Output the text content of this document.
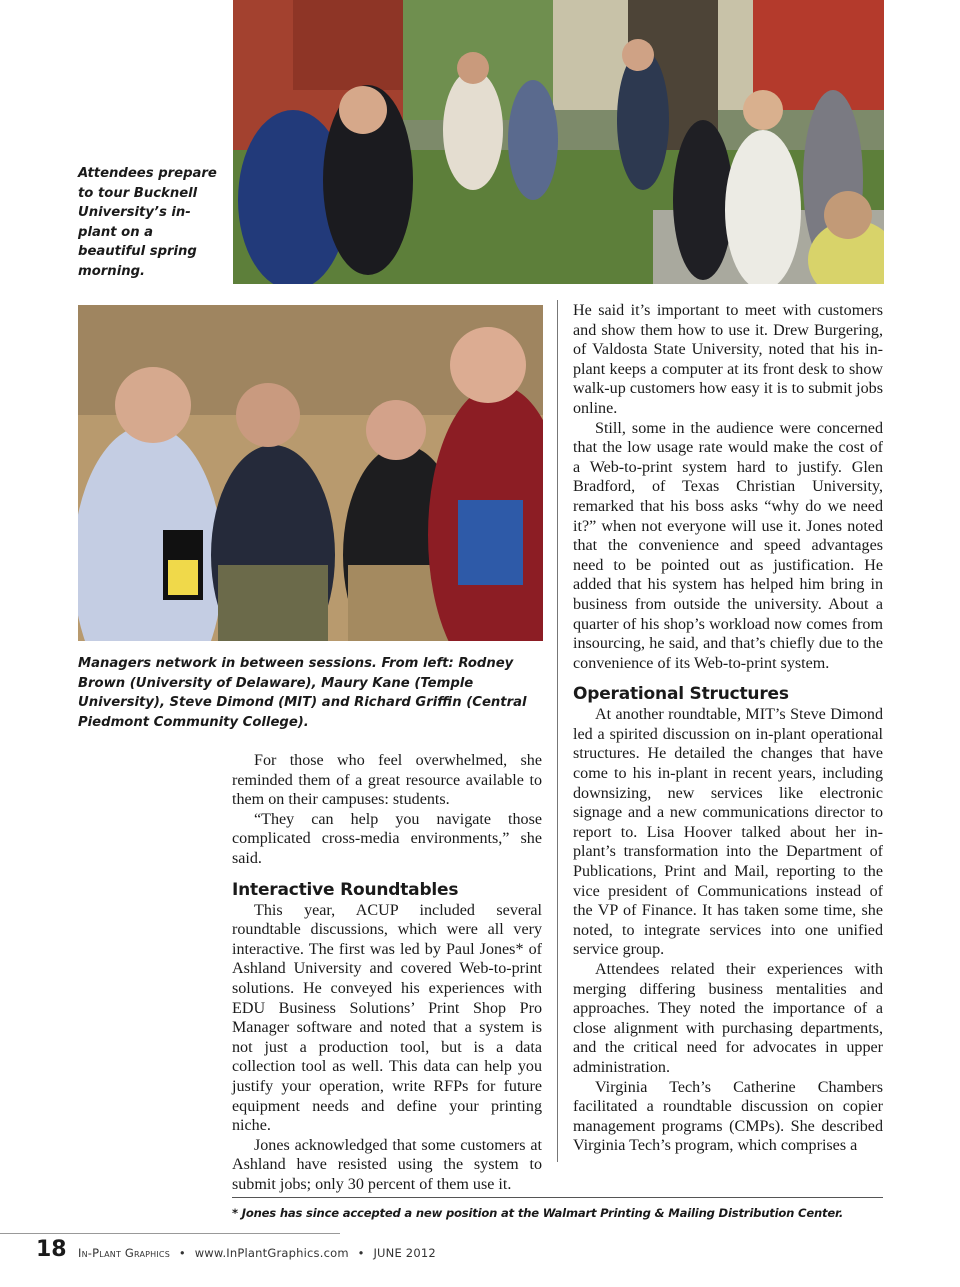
Attendees prepare to tour Bucknell University’s in-plant on a beautiful spring morning.
Managers network in between sessions. From left: Rodney Brown (University of Delaware), Maury Kane (Temple University), Steve Dimond (MIT) and Richard Griffin (Central Piedmont Community College).

For those who feel overwhelmed, she reminded them of a great resource available to them on their campuses: students.

“They can help you navigate those complicated cross-media environments,” she said.

Interactive Roundtables

This year, ACUP included several roundtable discussions, which were all very interactive. The first was led by Paul Jones* of Ashland University and covered Web-to-print solutions. He conveyed his experiences with EDU Business Solutions’ Print Shop Pro Manager software and noted that a system is not just a production tool, but is a data collection tool as well. This data can help you justify your operation, write RFPs for future equipment needs and define your printing niche.

Jones acknowledged that some customers at Ashland have resisted using the system to submit jobs; only 30 percent of them use it.

He said it’s important to meet with customers and show them how to use it. Drew Burgering, of Valdosta State University, noted that his in-plant keeps a computer at its front desk to show walk-up customers how easy it is to submit jobs online.

Still, some in the audience were concerned that the low usage rate would make the cost of a Web-to-print system hard to justify. Glen Bradford, of Texas Christian University, remarked that his boss asks “why do we need it?” when not everyone will use it. Jones noted that the convenience and speed advantages need to be pointed out as justification. He added that his system has helped him bring in business from outside the university. About a quarter of his shop’s workload now comes from insourcing, he said, and that’s chiefly due to the convenience of its Web-to-print system.

Operational Structures

At another roundtable, MIT’s Steve Dimond led a spirited discussion on in-plant operational structures. He detailed the changes that have come to his in-plant in recent years, including downsizing, new services like electronic signage and a new communications director to report to. Lisa Hoover talked about her in-plant’s transformation into the Department of Publications, Print and Mail, reporting to the vice president of Communications instead of the VP of Finance. It has taken some time, she noted, to integrate services into one unified service group.

Attendees related their experiences with merging differing business mentalities and approaches. They noted the importance of a close alignment with purchasing departments, and the critical need for advocates in upper administration.

Virginia Tech’s Catherine Chambers facilitated a roundtable discussion on copier management programs (CMPs). She described Virginia Tech’s program, which comprises a

* Jones has since accepted a new position at the Walmart Printing & Mailing Distribution Center.
18 In-Plant Graphics • www.InPlantGraphics.com • JUNE 2012
